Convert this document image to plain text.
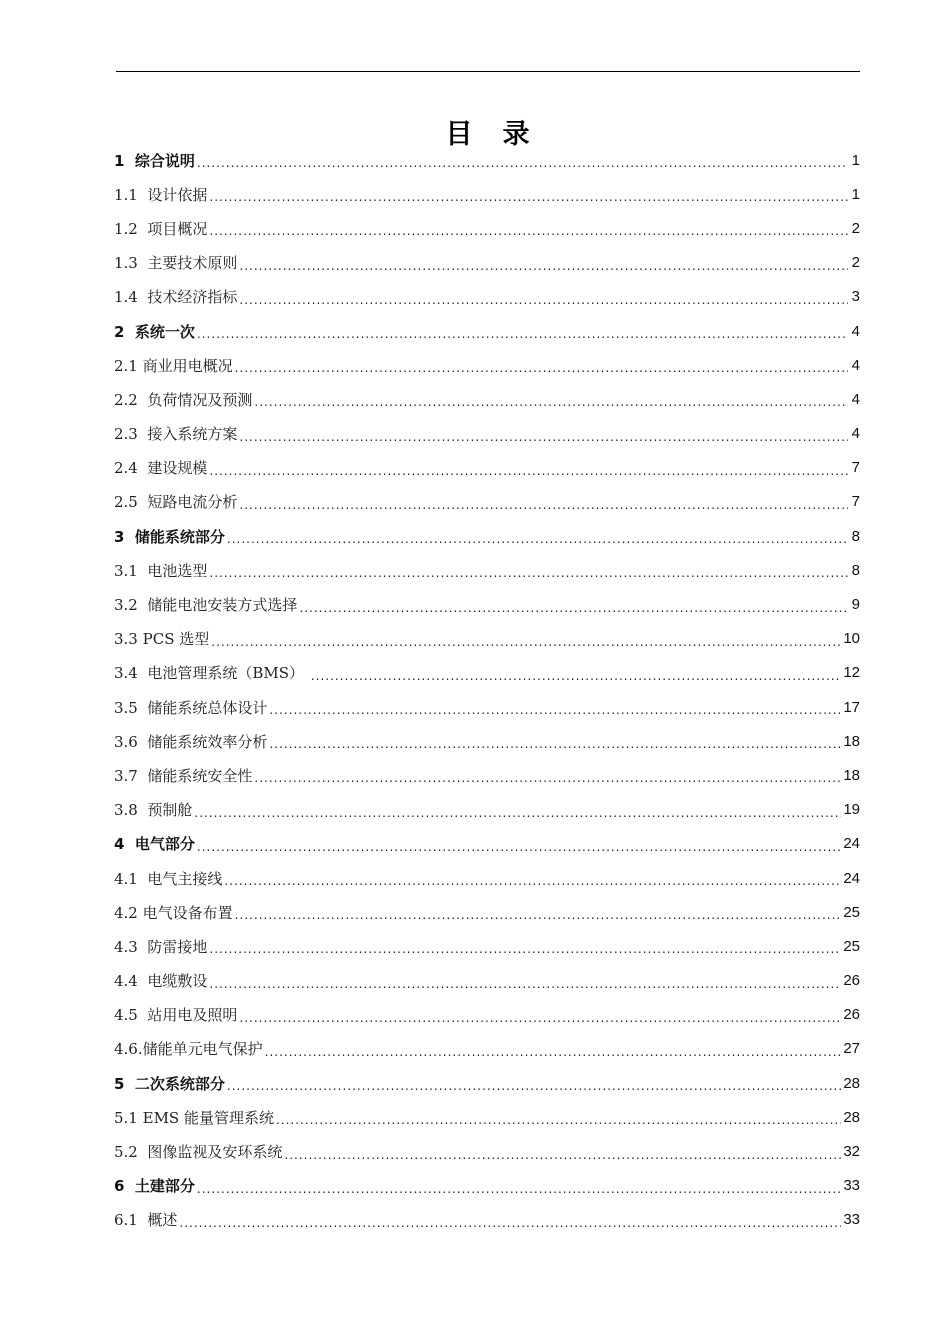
目 录
1  综合说明 .....	1
1.1  设计依据 .....	1
1.2  项目概况 .....	2
1.3  主要技术原则 .....	2
1.4  技术经济指标 .....	3
2  系统一次 .....	4
2.1 商业用电概况 .....	4
2.2  负荷情况及预测 .....	4
2.3  接入系统方案 .....	4
2.4  建设规模 .....	7
2.5  短路电流分析 .....	7
3  储能系统部分 .....	8
3.1  电池选型 .....	8
3.2  储能电池安装方式选择 .....	9
3.3 PCS 选型 .....	10
3.4  电池管理系统（BMS） .....	12
3.5  储能系统总体设计 .....	17
3.6  储能系统效率分析 .....	18
3.7  储能系统安全性 .....	18
3.8  预制舱 .....	19
4  电气部分 .....	24
4.1  电气主接线 .....	24
4.2 电气设备布置 .....	25
4.3  防雷接地 .....	25
4.4  电缆敷设 .....	26
4.5  站用电及照明 .....	26
4.6.储能单元电气保护 .....	27
5  二次系统部分 .....	28
5.1 EMS 能量管理系统 .....	28
5.2  图像监视及安环系统 .....	32
6  土建部分 .....	33
6.1  概述 .....	33
